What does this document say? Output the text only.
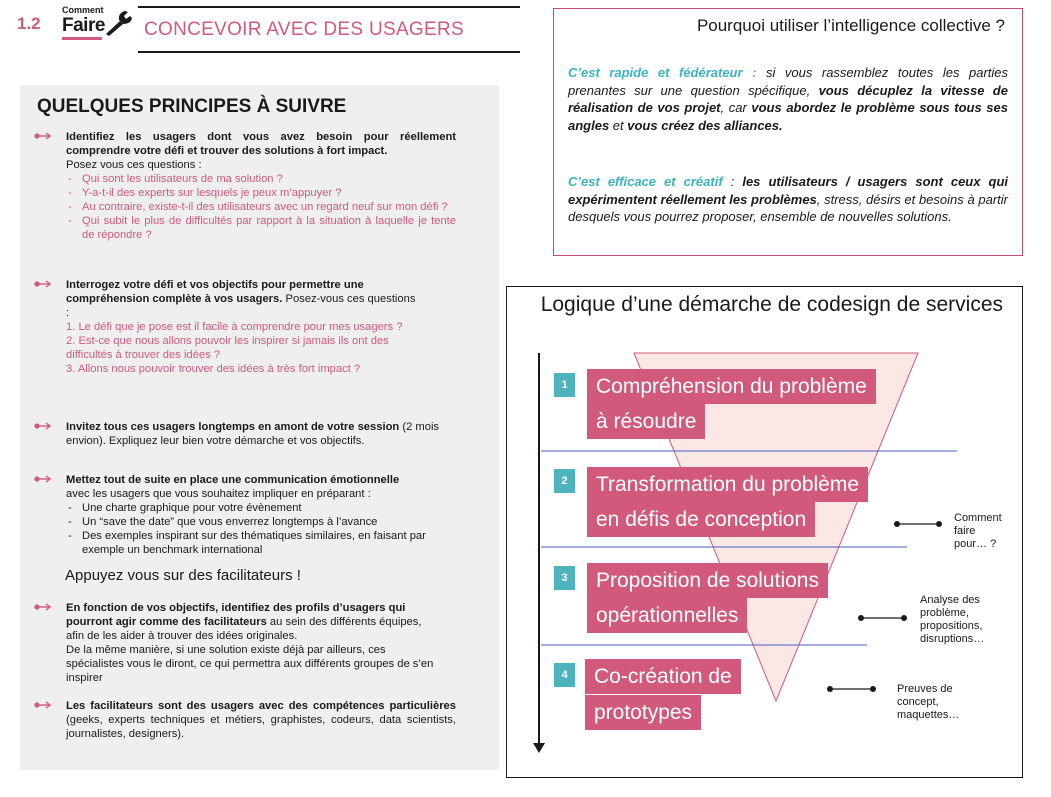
1.2
Comment
Faire CONCEVOIR AVEC DES USAGERS
QUELQUES PRINCIPES À SUIVRE
Identifiez les usagers dont vous avez besoin pour réellement comprendre votre défi et trouver des solutions à fort impact.
Posez vous ces questions :
- Qui sont les utilisateurs de ma solution ?
- Y-a-t-il des experts sur lesquels je peux m’appuyer ?
- Au contraire, existe-t-il des utilisateurs avec un regard neuf sur mon défi ?
- Qui subit le plus de difficultés par rapport à la situation à laquelle je tente de répondre ?
Interrogez votre défi et vos objectifs pour permettre une compréhension complète à vos usagers. Posez-vous ces questions :
1. Le défi que je pose est il facile à comprendre pour mes usagers ?
2. Est-ce que nous allons pouvoir les inspirer si jamais ils ont des difficultés à trouver des idées ?
3. Allons nous pouvoir trouver des idées à très fort impact ?
Invitez tous ces usagers longtemps en amont de votre session (2 mois envion). Expliquez leur bien votre démarche et vos objectifs.
Mettez tout de suite en place une communication émotionnelle
avec les usagers que vous souhaitez impliquer en préparant :
- Une charte graphique pour votre évènement
- Un “save the date” que vous enverrez longtemps à l’avance
- Des exemples inspirant sur des thématiques similaires, en faisant par exemple un benchmark international
Appuyez vous sur des facilitateurs !
En fonction de vos objectifs, identifiez des profils d’usagers qui pourront agir comme des facilitateurs au sein des différents équipes, afin de les aider à trouver des idées originales.
De la même manière, si une solution existe déjà par ailleurs, ces spécialistes vous le diront, ce qui permettra aux différents groupes de s’en inspirer
Les facilitateurs sont des usagers avec des compétences particulières (geeks, experts techniques et métiers, graphistes, codeurs, data scientists, journalistes, designers).
Pourquoi utiliser l’intelligence collective ?
C’est rapide et fédérateur : si vous rassemblez toutes les parties prenantes sur une question spécifique, vous décuplez la vitesse de réalisation de vos projet, car vous abordez le problème sous tous ses angles et vous créez des alliances.
C’est efficace et créatif : les utilisateurs / usagers sont ceux qui expérimentent réellement les problèmes, stress, désirs et besoins à partir desquels vous pourrez proposer, ensemble de nouvelles solutions.
Logique d’une démarche de codesign de services
1	Compréhension du problème
à résoudre
2	Transformation du problème
en défis de conception
3	Proposition de solutions
opérationnelles
4	Co-création de
prototypes
Comment
faire
pour… ?
Analyse des
problème,
propositions,
disruptions…
Preuves de
concept,
maquettes…
